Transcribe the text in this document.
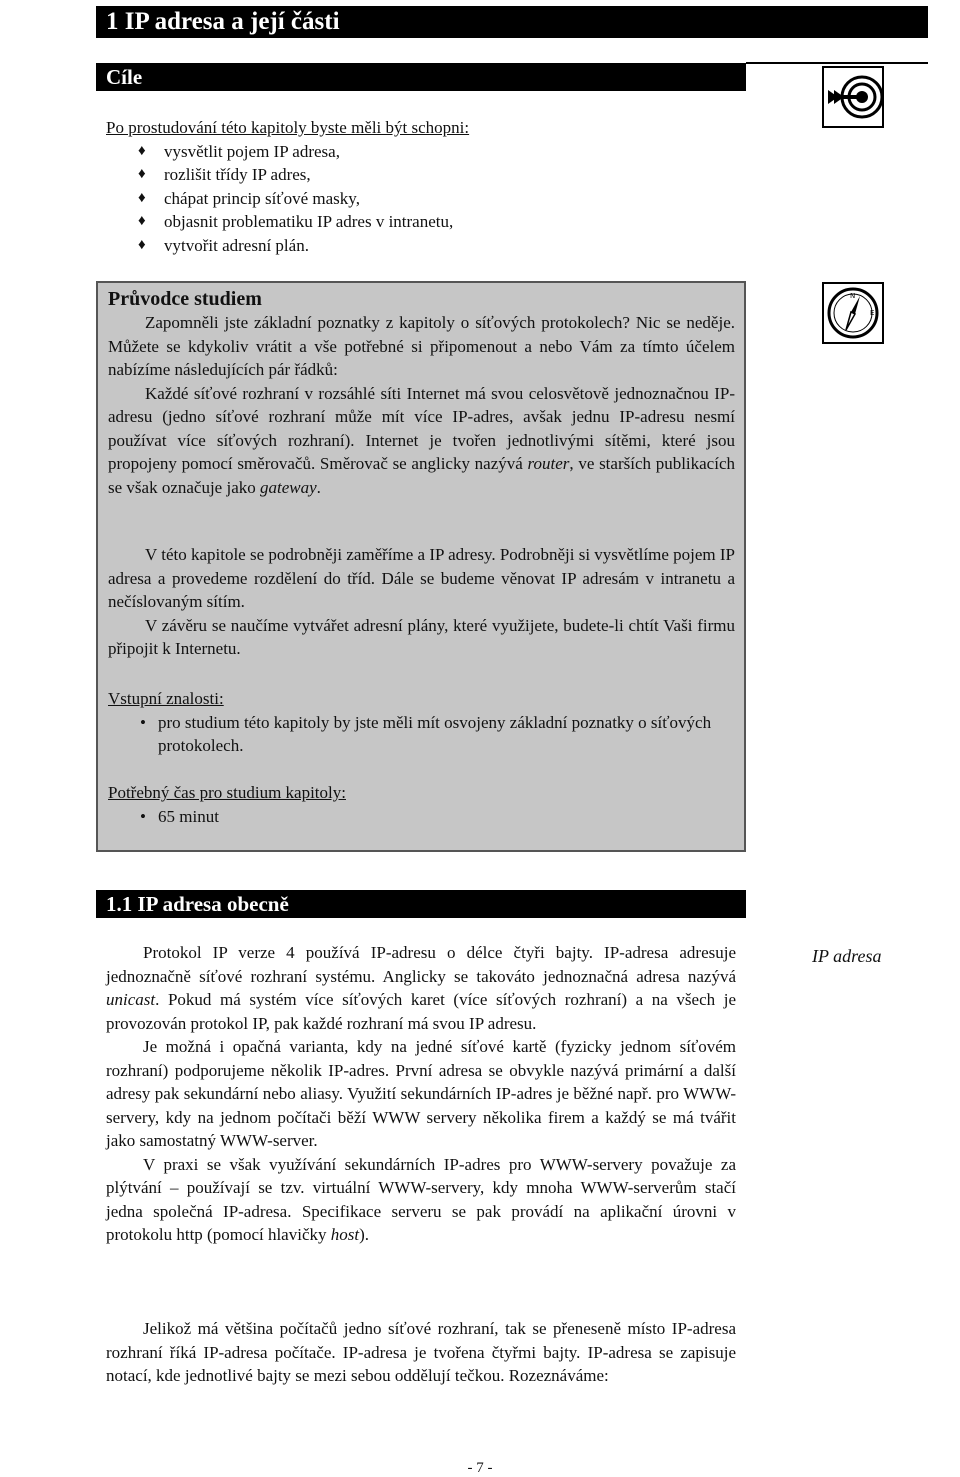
1 IP adresa a její části
Cíle

Po prostudování této kapitoly byste měli být schopni:

♦ vysvětlit pojem IP adresa,
♦ rozlišit třídy IP adres,
♦ chápat princip síťové masky,
♦ objasnit problematiku IP adres v intranetu,
♦ vytvořit adresní plán.
N
E
Průvodce studiem

Zapomněli jste základní poznatky z kapitoly o síťových protokolech? Nic se neděje. Můžete se kdykoliv vrátit a vše potřebné si připomenout a nebo Vám za tímto účelem nabízíme následujících pár řádků:

Každé síťové rozhraní v rozsáhlé síti Internet má svou celosvětově jednoznačnou IP-adresu (jedno síťové rozhraní může mít více IP-adres, avšak jednu IP-adresu nesmí používat více síťových rozhraní). Internet je tvořen jednotlivými sítěmi, které jsou propojeny pomocí směrovačů. Směrovač se anglicky nazývá router, ve starších publikacích se však označuje jako gateway.

V této kapitole se podrobněji zaměříme a IP adresy. Podrobněji si vysvětlíme pojem IP adresa a provedeme rozdělení do tříd. Dále se budeme věnovat IP adresám v intranetu a nečíslovaným sítím.

V závěru se naučíme vytvářet adresní plány, které využijete, budete-li chtít Vaši firmu připojit k Internetu.

Vstupní znalosti:

• pro studium této kapitoly by jste měli mít osvojeny základní poznatky o síťových protokolech.

Potřebný čas pro studium kapitoly:

• 65 minut
1.1 IP adresa obecně
IP adresa

Protokol IP verze 4 používá IP-adresu o délce čtyři bajty. IP-adresa adresuje jednoznačně síťové rozhraní systému. Anglicky se takováto jednoznačná adresa nazývá unicast. Pokud má systém více síťových karet (více síťových rozhraní) a na všech je provozován protokol IP, pak každé rozhraní má svou IP adresu.

Je možná i opačná varianta, kdy na jedné síťové kartě (fyzicky jednom síťovém rozhraní) podporujeme několik IP-adres. První adresa se obvykle nazývá primární a další adresy pak sekundární nebo aliasy. Využití sekundárních IP-adres je běžné např. pro WWW-servery, kdy na jednom počítači běží WWW servery několika firem a každý se má tvářit jako samostatný WWW-server.

V praxi se však využívání sekundárních IP-adres pro WWW-servery považuje za plýtvání – používají se tzv. virtuální WWW-servery, kdy mnoha WWW-serverům stačí jedna společná IP-adresa. Specifikace serveru se pak provádí na aplikační úrovni v protokolu http (pomocí hlavičky host).

Jelikož má většina počítačů jedno síťové rozhraní, tak se přeneseně místo IP-adresa rozhraní říká IP-adresa počítače. IP-adresa je tvořena čtyřmi bajty. IP-adresa se zapisuje notací, kde jednotlivé bajty se mezi sebou oddělují tečkou. Rozeznáváme:

- 7 -
